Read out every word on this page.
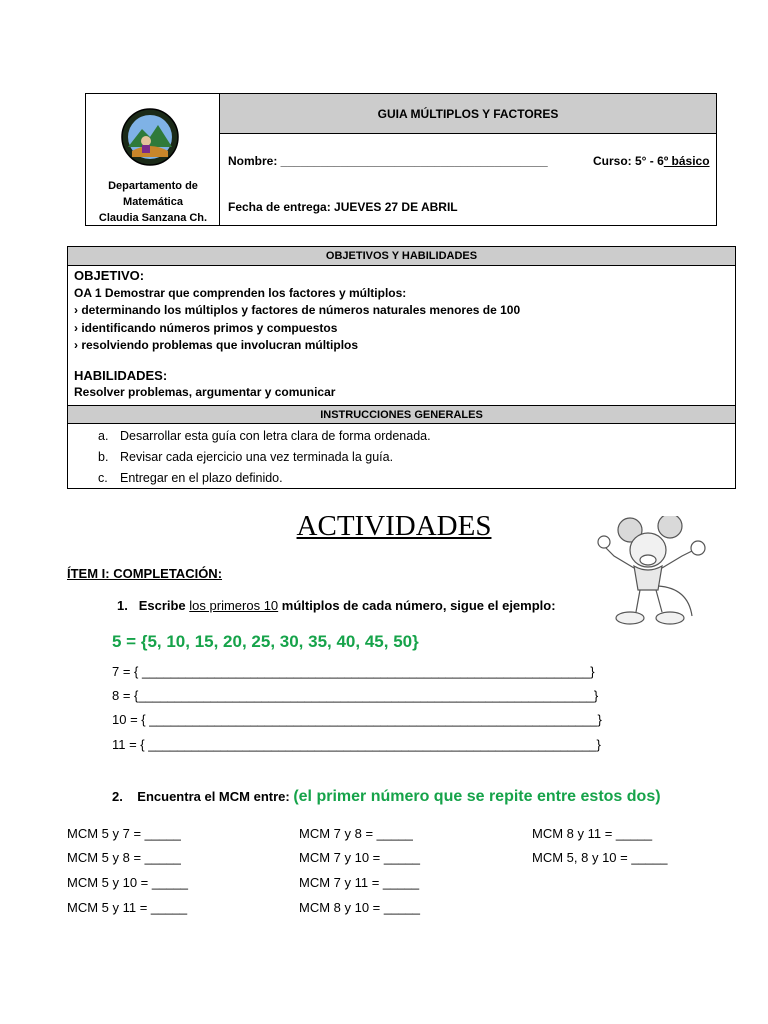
Departamento de
Matemática
Claudia Sanzana Ch.
GUIA MÚLTIPLOS Y FACTORES
Nombre: ________________________________________	Curso: 5° - 6º básico
Fecha de entrega: JUEVES 27 DE ABRIL
OBJETIVOS Y HABILIDADES
OBJETIVO:
OA 1 Demostrar que comprenden los factores y múltiplos:
› determinando los múltiplos y factores de números naturales menores de 100
› identificando números primos y compuestos
› resolviendo problemas que involucran múltiplos
HABILIDADES:
Resolver problemas, argumentar y comunicar
INSTRUCCIONES GENERALES
a. Desarrollar esta guía con letra clara de forma ordenada.
b. Revisar cada ejercicio una vez terminada la guía.
c. Entregar en el plazo definido.
ACTIVIDADES
ÍTEM I: COMPLETACIÓN:
1. Escribe los primeros 10 múltiplos de cada número, sigue el ejemplo:
5 = {5, 10, 15, 20, 25, 30, 35, 40, 45, 50}
7 = { ______________________________________________________________}
8 = {_______________________________________________________________}
10 = { ______________________________________________________________}
11 = { ______________________________________________________________}
2. Encuentra el MCM entre: (el primer número que se repite entre estos dos)
MCM 5 y 7 = _____
MCM 5 y 8 = _____
MCM 5 y 10 = _____
MCM 5 y 11 = _____
MCM 7 y 8 = _____
MCM 7 y 10 = _____
MCM 7 y 11 = _____
MCM 8 y 10 = _____
MCM 8 y 11 = _____
MCM 5, 8 y 10 = _____
